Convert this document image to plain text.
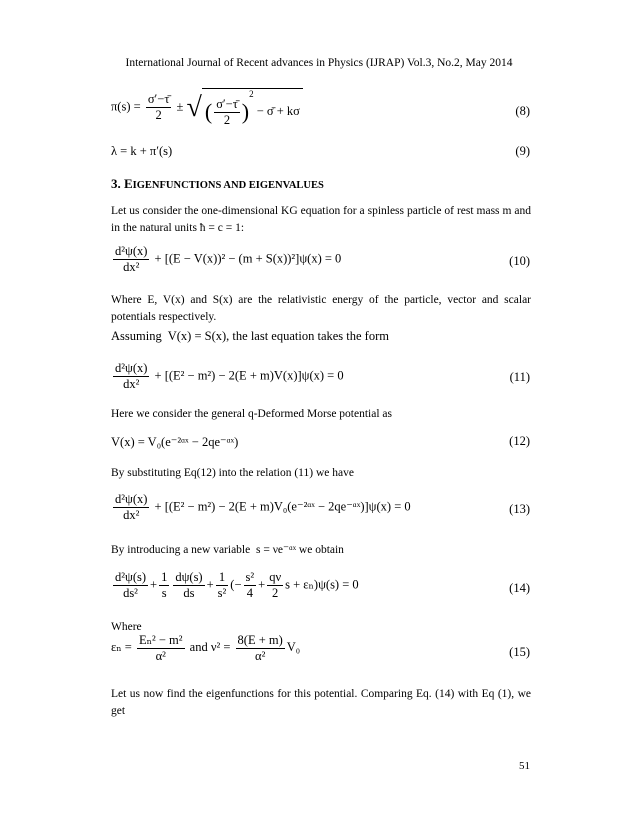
International Journal of Recent advances in Physics (IJRAP) Vol.3, No.2, May 2014
$\pi(s) = \frac{\sigma'-\taū}{2}$ ± √ ( $\frac{\sigma'-\taū}{2} )^2$ − σ̄ + kσ	(8)
λ = k + π′(s)	(9)
3. EIGENFUNCTIONS AND EIGENVALUES
Let us consider the one-dimensional KG equation for a spinless particle of rest mass m and in the natural units ħ = c = 1:
$\frac{\text{d²ψ(x)}}{\text{dx²}} + [(E - V(x))^2 - (m + S(x))^2]\psi(x) = 0$	(10)
Where E, V(x) and S(x) are the relativistic energy of the particle, vector and scalar potentials respectively.
Assuming V(x) = S(x), the last equation takes the form
$\frac{\text{d²ψ(x)}}{\text{dx²}} + [(E^2 - m^2) - 2(E + m)V(x)]\psi(x) = 0$	(11)
Here we consider the general q-Deformed Morse potential as
V(x) = V₀(e⁻²ᵅˣ − 2qe⁻ᵅˣ)	(12)
By substituting Eq(12) into the relation (11) we have
$\frac{\text{d²ψ(x)}}{\text{dx²}} + [(E^2 - m^2) - 2(E$ + m)V₀(e⁻²ᵅˣ − 2qe⁻ᵅˣ)]ψ(x) = 0	(13)
By introducing a new variable s = νe⁻ᵅˣ we obtain
$\frac{\text{d²ψ(s)}}{\text{ds²}} + \frac{1}{s} \frac{d\psi(s)}{ds} + \frac{1}{\text{s²}}$ (− $\frac{\text{s²}}{4} + \frac{q\nu}{2}$ s + εₙ)ψ(s) = 0	(14)
Where
$\varepsilon_n = \frac{\text{Eₙ² − m²}}{\text{α²}}$ and $\nu^2 = \frac{8(E + m)}{\text{α²}} V_0$	(15)
Let us now find the eigenfunctions for this potential. Comparing Eq. (14) with Eq (1), we get
51
